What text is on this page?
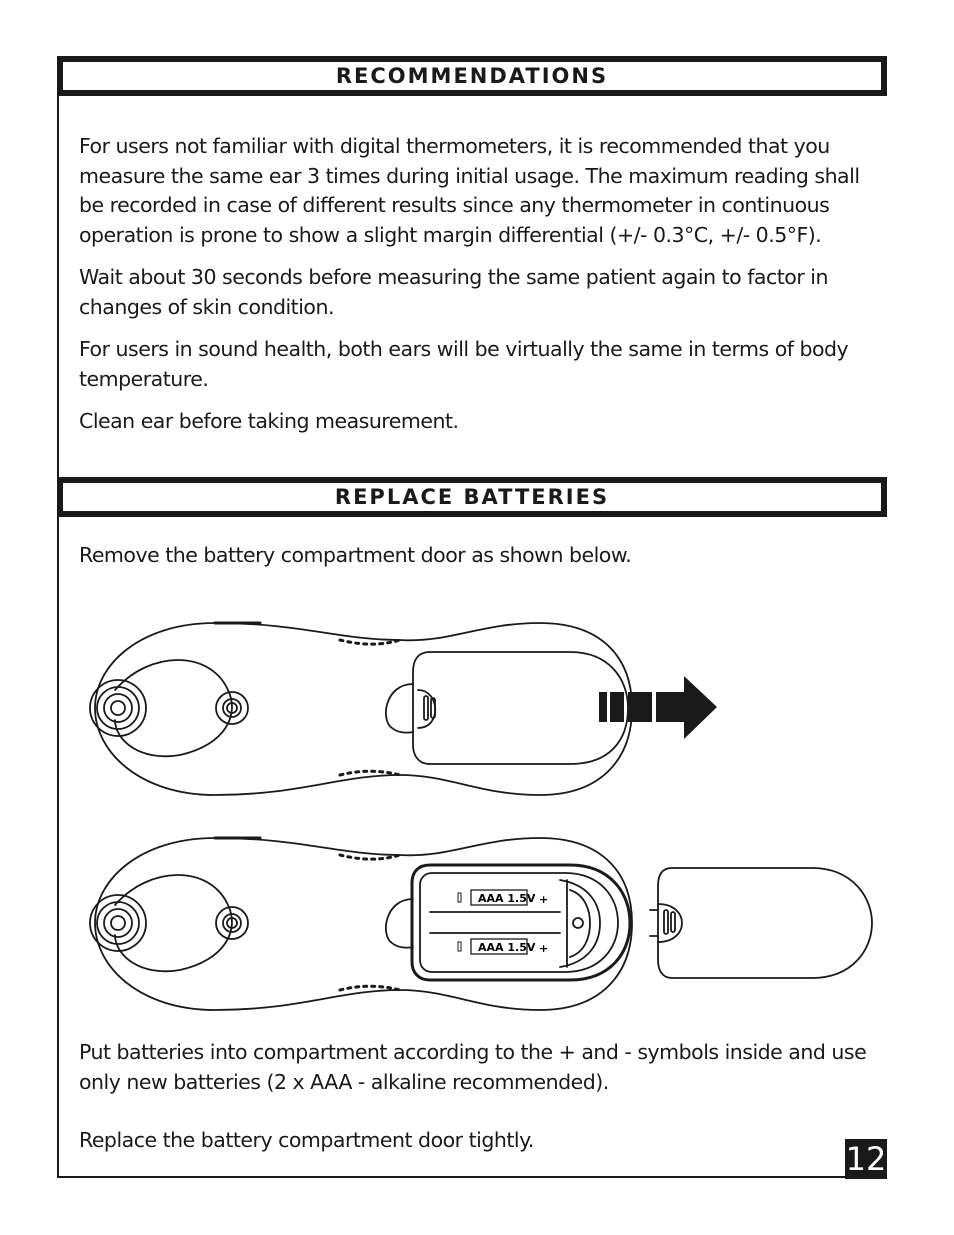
RECOMMENDATIONS

For users not familiar with digital thermometers, it is recommended that you measure the same ear 3 times during initial usage. The maximum reading shall be recorded in case of different results since any thermometer in continuous operation is prone to show a slight margin differential (+/- 0.3°C, +/- 0.5°F).

Wait about 30 seconds before measuring the same patient again to factor in changes of skin condition.

For users in sound health, both ears will be virtually the same in terms of body temperature.

Clean ear before taking measurement.

REPLACE BATTERIES

Remove the battery compartment door as shown below.

AAA 1.5V +
AAA 1.5V +

Put batteries into compartment according to the + and - symbols inside and use only new batteries (2 x AAA - alkaline recommended).

Replace the battery compartment door tightly.	12
